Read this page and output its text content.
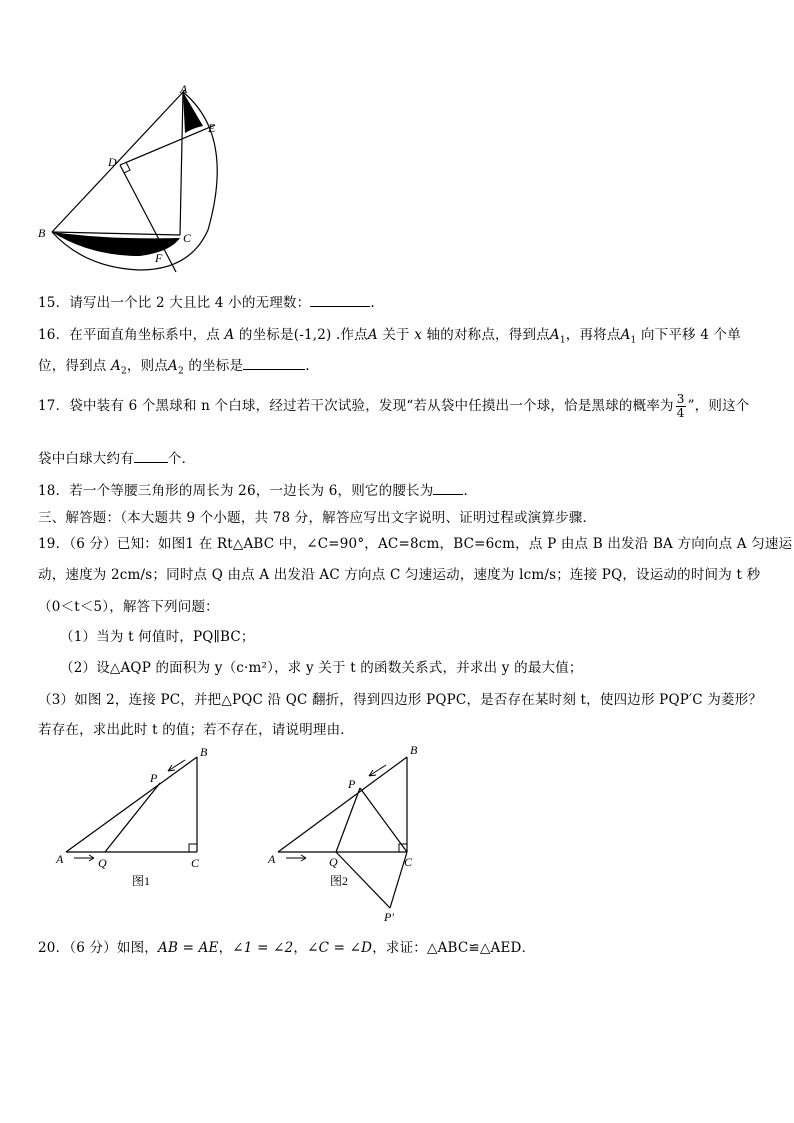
A
B	C
D
E
F
15．请写出一个比 2 大且比 4 小的无理数：	.
16．在平面直角坐标系中，点 A 的坐标是(-1,2) .作点A 关于 x 轴的对称点，得到点$A_1$，再将点$A_1$ 向下平移 4 个单
位，得到点 $A_2$，则点$A_2$ 的坐标是	.
17．袋中装有 6 个黑球和 n 个白球，经过若干次试验，发现“若从袋中任摸出一个球，恰是黑球的概率为 $\frac{3}{4}$ ”，则这个
袋中白球大约有	个．
18．若一个等腰三角形的周长为 26，一边长为 6，则它的腰长为 ．
三、解答题：（本大题共 9 个小题，共 78 分，解答应写出文字说明、证明过程或演算步骤．
19．（6 分）已知：如图1 在 Rt△ABC 中，∠C=90°，AC=8cm，BC=6cm，点 P 由点 B 出发沿 BA 方向向点 A 匀速运
动，速度为 2cm/s；同时点 Q 由点 A 出发沿 AC 方向点 C 匀速运动，速度为 lcm/s；连接 PQ，设运动的时间为 t 秒
（0＜t＜5），解答下列问题：
（1）当为 t 何值时，PQ∥BC；
（2）设△AQP 的面积为 y（c·m²），求 y 关于 t 的函数关系式，并求出 y 的最大值；
（3）如图 2，连接 PC，并把△PQC 沿 QC 翻折，得到四边形 PQPC，是否存在某时刻 t，使四边形 PQP′C 为菱形？
若存在，求出此时 t 的值；若不存在，请说明理由．
A
B
C
P
Q
图1
A
B
C
P
Q
P′
图2
20．（6 分）如图，AB = AE，∠1 = ∠2，∠C = ∠D，求证：△ABC≌△AED．
